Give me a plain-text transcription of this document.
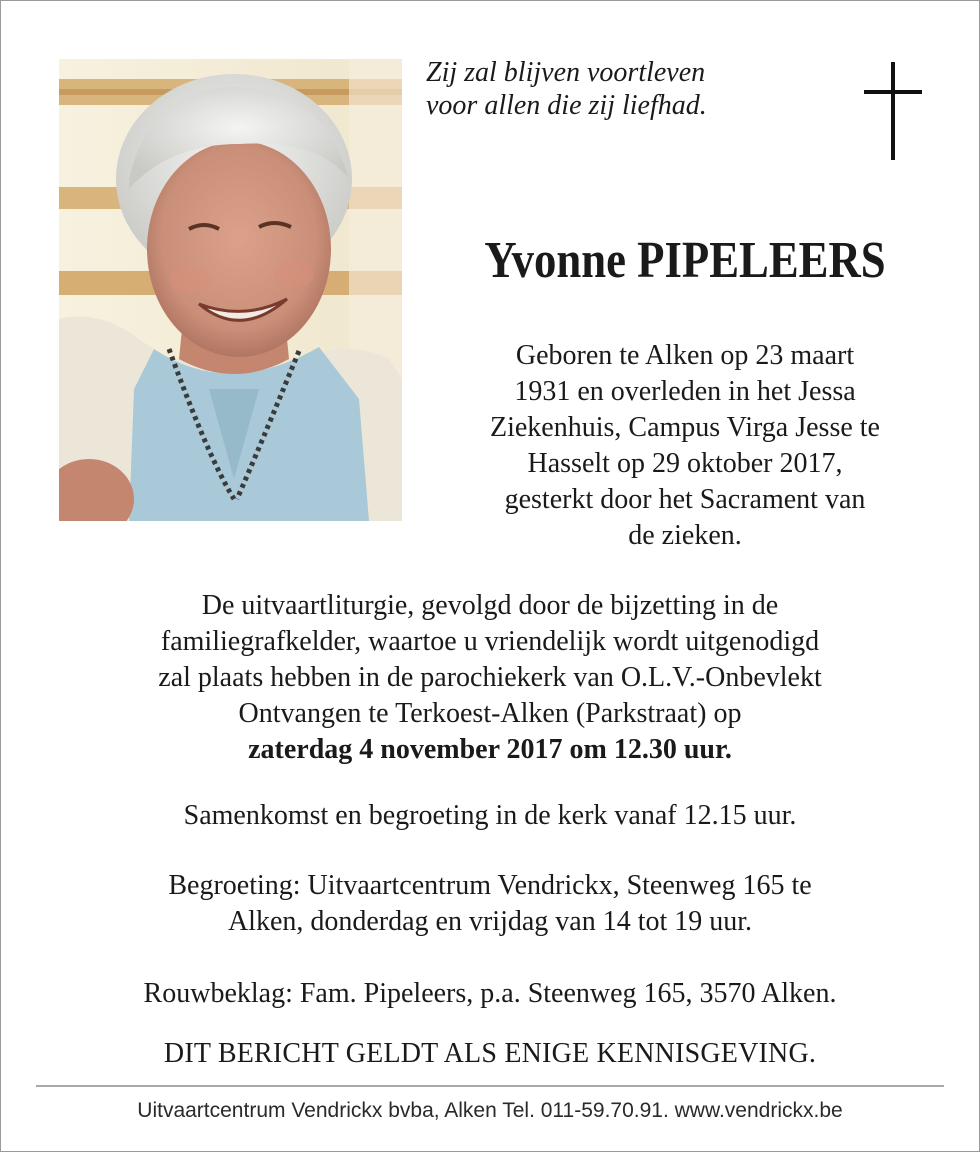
Zij zal blijven voortleven
voor allen die zij liefhad.
Yvonne PIPELEERS
Geboren te Alken op 23 maart
1931 en overleden in het Jessa
Ziekenhuis, Campus Virga Jesse te
Hasselt op 29 oktober 2017,
gesterkt door het Sacrament van
de zieken.
De uitvaartliturgie, gevolgd door de bijzetting in de
familiegrafkelder, waartoe u vriendelijk wordt uitgenodigd
zal plaats hebben in de parochiekerk van O.L.V.-Onbevlekt
Ontvangen te Terkoest-Alken (Parkstraat) op
zaterdag 4 november 2017 om 12.30 uur.
Samenkomst en begroeting in de kerk vanaf 12.15 uur.
Begroeting: Uitvaartcentrum Vendrickx, Steenweg 165 te
Alken, donderdag en vrijdag van 14 tot 19 uur.
Rouwbeklag: Fam. Pipeleers, p.a. Steenweg 165, 3570 Alken.
DIT BERICHT GELDT ALS ENIGE KENNISGEVING.
Uitvaartcentrum Vendrickx bvba, Alken Tel. 011-59.70.91. www.vendrickx.be
